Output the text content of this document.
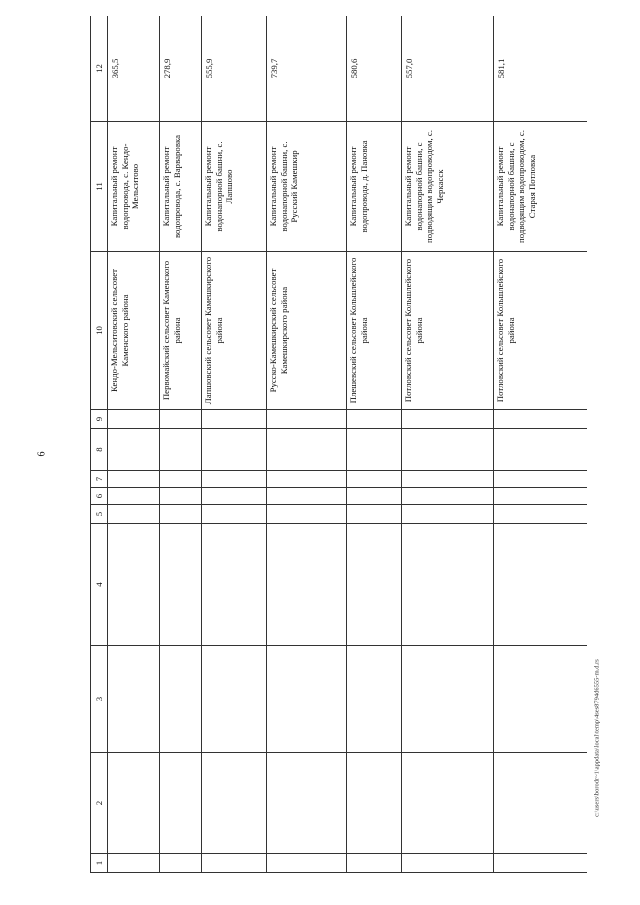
6
c:\users\borodr~1\appdata\local\temp\4ses8794d6555-m.d.rs
1	2	3	4	5	6	7	8	9	10	11	12
									Кендо-Мельситовский сельсовет Каменского района	Капитальный ремонт водопровода, с. Кендо-Мельситово	365,5
									Первомайский сельсовет Каменского района	Капитальный ремонт водопровода, с. Варваровка	278,9
									Лапшовский сельсовет Камешкирского района	Капитальный ремонт водонапорной башни, с. Лапшово	555,9
									Русско-Камешкирский сельсовет Камешкирского района	Капитальный ремонт водонапорной башни, с. Русский Камешкир	739,7
									Плешевский сельсовет Кольшлейского района	Капитальный ремонт водопровода, д. Пановка	580,6
									Потловский сельсовет Кольшлейского района	Капитальный ремонт водонапорной башни, с подводящим водопроводом, с. Черкасск	557,0
									Потловский сельсовет Кольшлейского района	Капитальный ремонт водонапорной башни, с подводящим водопроводом, с. Старая Потловка	581,1
